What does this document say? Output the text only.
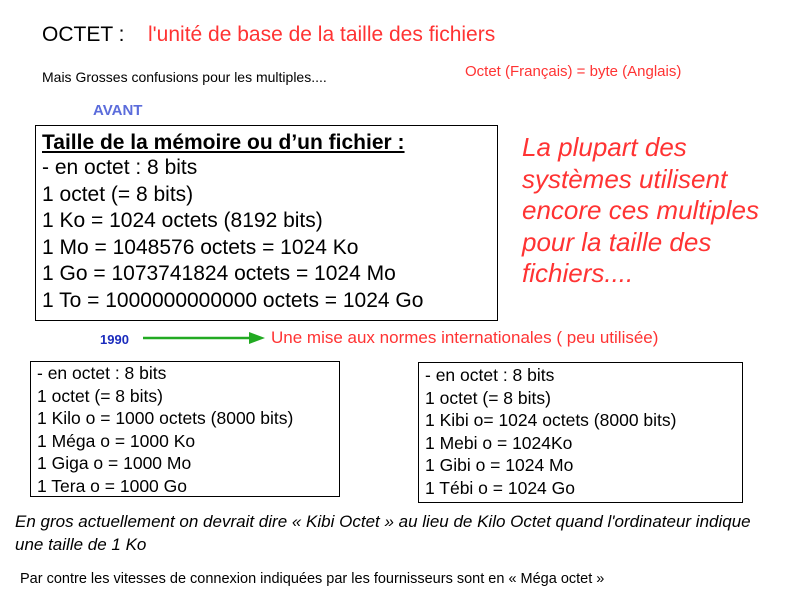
OCTET : l'unité de base de la taille des fichiers
Mais Grosses confusions pour les multiples....	Octet (Français) = byte (Anglais)
AVANT
Taille de la mémoire ou d’un fichier :
- en octet : 8 bits
1 octet (= 8 bits)
1 Ko = 1024 octets (8192 bits)
1 Mo = 1048576 octets = 1024 Ko
1 Go = 1073741824 octets = 1024 Mo
1 To = 1000000000000 octets = 1024 Go
La plupart des systèmes utilisent encore ces multiples pour la taille des fichiers....
1990	Une mise aux normes internationales ( peu utilisée)
- en octet : 8 bits
1 octet (= 8 bits)
1 Kilo o = 1000 octets (8000 bits)
1 Méga o = 1000 Ko
1 Giga o = 1000 Mo
1 Tera o = 1000 Go
- en octet : 8 bits
1 octet (= 8 bits)
1 Kibi o= 1024 octets (8000 bits)
1 Mebi o = 1024Ko
1 Gibi o = 1024 Mo
1 Tébi o = 1024 Go
En gros actuellement on devrait dire « Kibi Octet » au lieu de Kilo Octet quand l'ordinateur indique une taille de 1 Ko
Par contre les vitesses de connexion indiquées par les fournisseurs sont en « Méga octet »
